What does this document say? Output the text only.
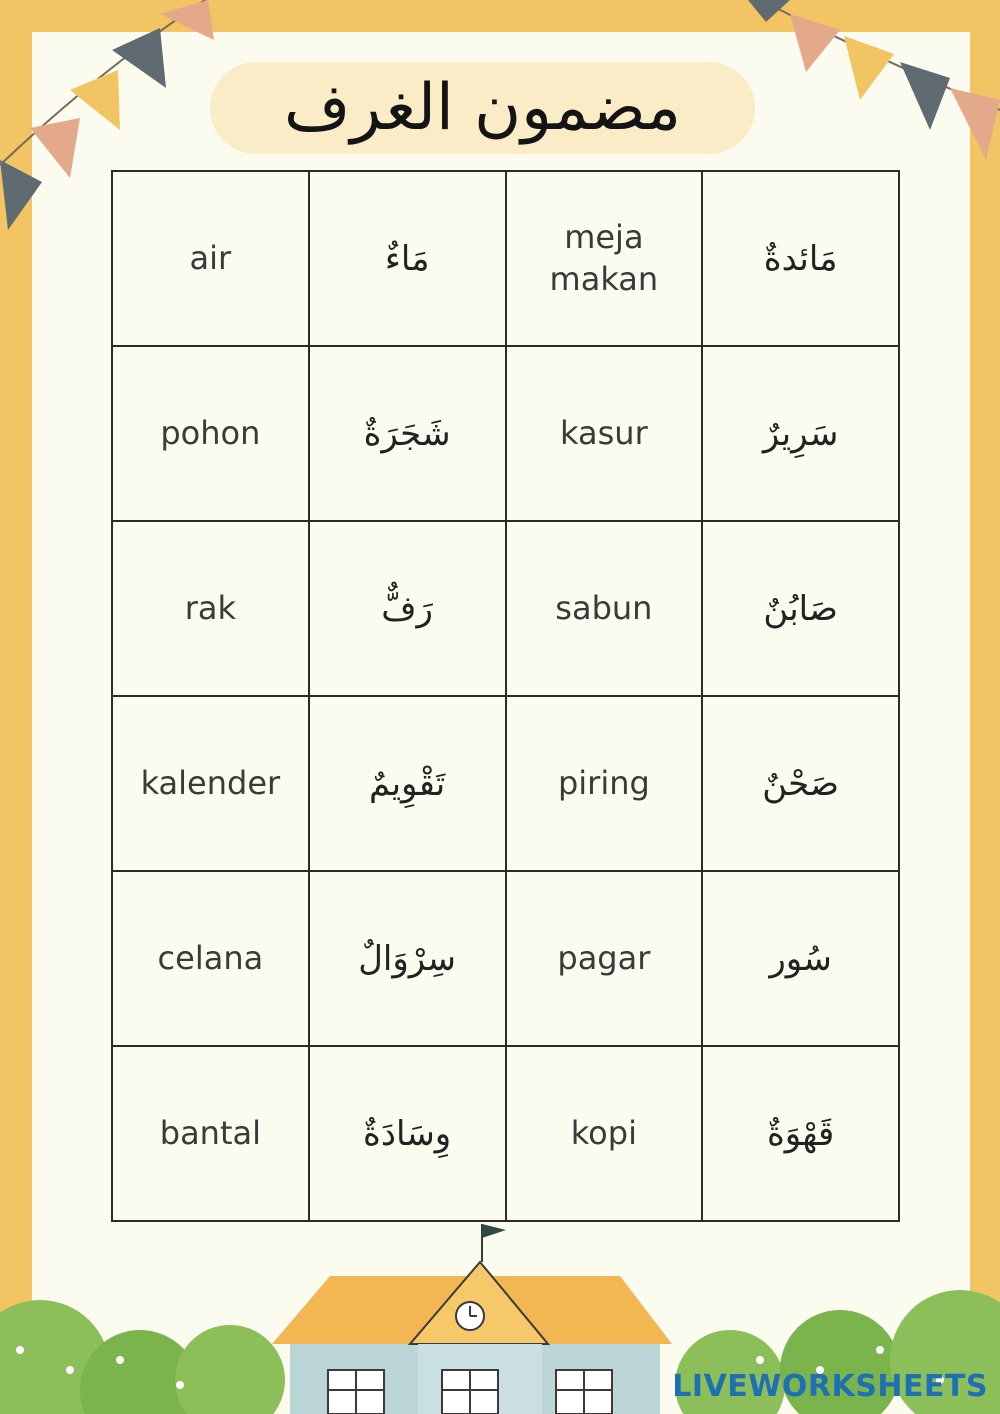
مضمون الغرف
air	مَاءٌ	meja makan	مَائدةٌ
pohon	شَجَرَةٌ	kasur	سَرِيرٌ
rak	رَفٌّ	sabun	صَابُنٌ
kalender	تَقْوِيمٌ	piring	صَحْنٌ
celana	سِرْوَالٌ	pagar	سُور
bantal	وِسَادَةٌ	kopi	قَهْوَةٌ
LIVEWORKSHEETS
